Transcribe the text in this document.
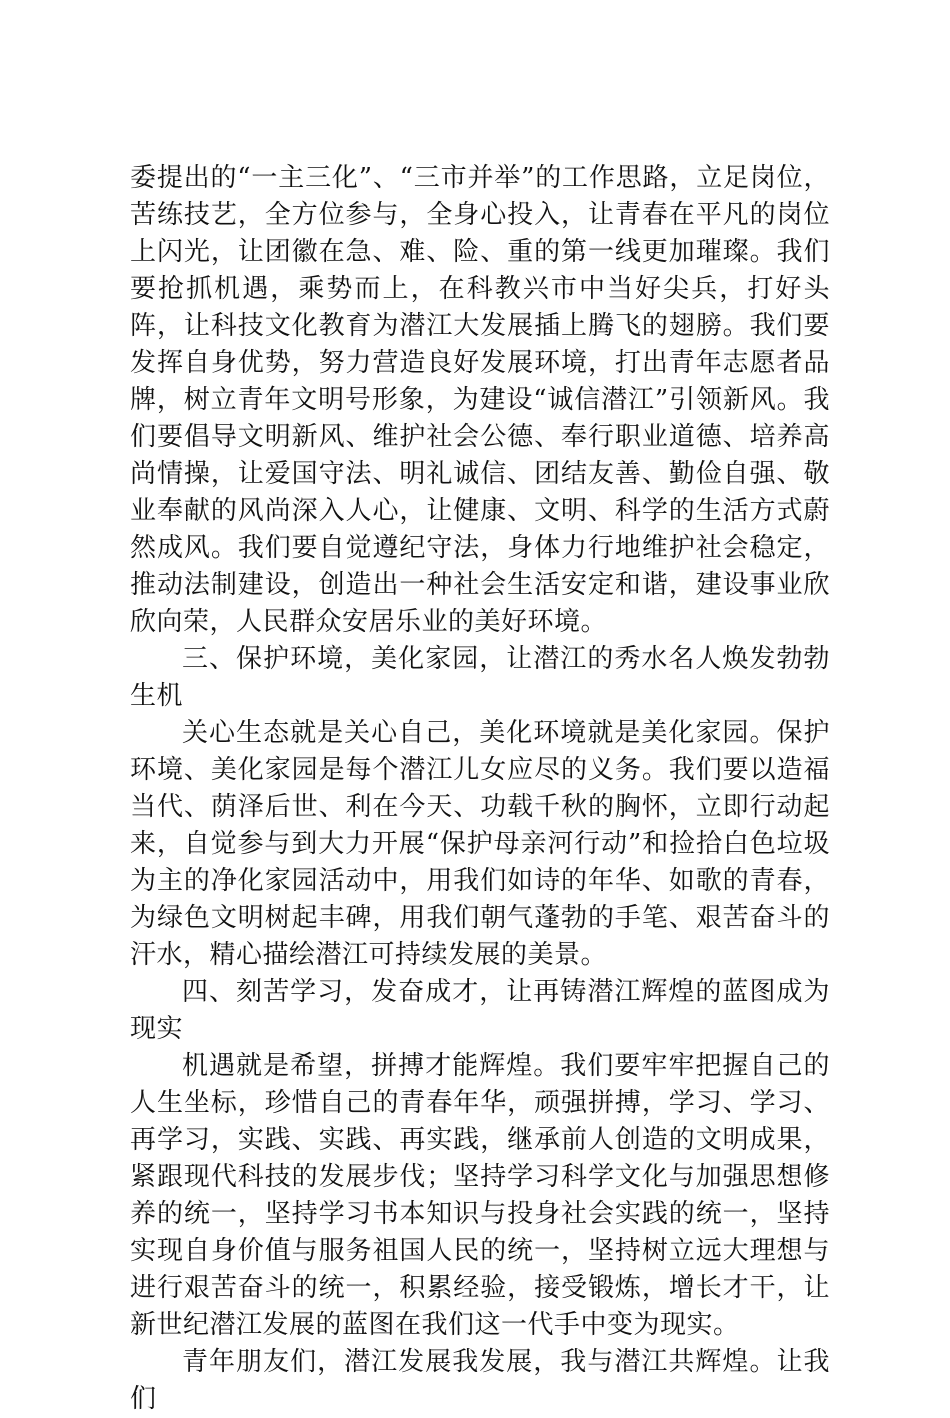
委提出的“一主三化”、“三市并举”的工作思路，立足岗位，苦练技艺，全方位参与，全身心投入，让青春在平凡的岗位上闪光，让团徽在急、难、险、重的第一线更加璀璨。我们要抢抓机遇，乘势而上，在科教兴市中当好尖兵，打好头阵，让科技文化教育为潜江大发展插上腾飞的翅膀。我们要发挥自身优势，努力营造良好发展环境，打出青年志愿者品牌，树立青年文明号形象，为建设“诚信潜江”引领新风。我们要倡导文明新风、维护社会公德、奉行职业道德、培养高尚情操，让爱国守法、明礼诚信、团结友善、勤俭自强、敬业奉献的风尚深入人心，让健康、文明、科学的生活方式蔚然成风。我们要自觉遵纪守法，身体力行地维护社会稳定，推动法制建设，创造出一种社会生活安定和谐，建设事业欣欣向荣，人民群众安居乐业的美好环境。

三、保护环境，美化家园，让潜江的秀水名人焕发勃勃生机

关心生态就是关心自己，美化环境就是美化家园。保护环境、美化家园是每个潜江儿女应尽的义务。我们要以造福当代、荫泽后世、利在今天、功载千秋的胸怀，立即行动起来，自觉参与到大力开展“保护母亲河行动”和捡拾白色垃圾为主的净化家园活动中，用我们如诗的年华、如歌的青春，为绿色文明树起丰碑，用我们朝气蓬勃的手笔、艰苦奋斗的汗水，精心描绘潜江可持续发展的美景。

四、刻苦学习，发奋成才，让再铸潜江辉煌的蓝图成为现实

机遇就是希望，拼搏才能辉煌。我们要牢牢把握自己的人生坐标，珍惜自己的青春年华，顽强拼搏，学习、学习、再学习，实践、实践、再实践，继承前人创造的文明成果，紧跟现代科技的发展步伐；坚持学习科学文化与加强思想修养的统一，坚持学习书本知识与投身社会实践的统一，坚持实现自身价值与服务祖国人民的统一，坚持树立远大理想与进行艰苦奋斗的统一，积累经验，接受锻炼，增长才干，让新世纪潜江发展的蓝图在我们这一代手中变为现实。

青年朋友们，潜江发展我发展，我与潜江共辉煌。让我们
